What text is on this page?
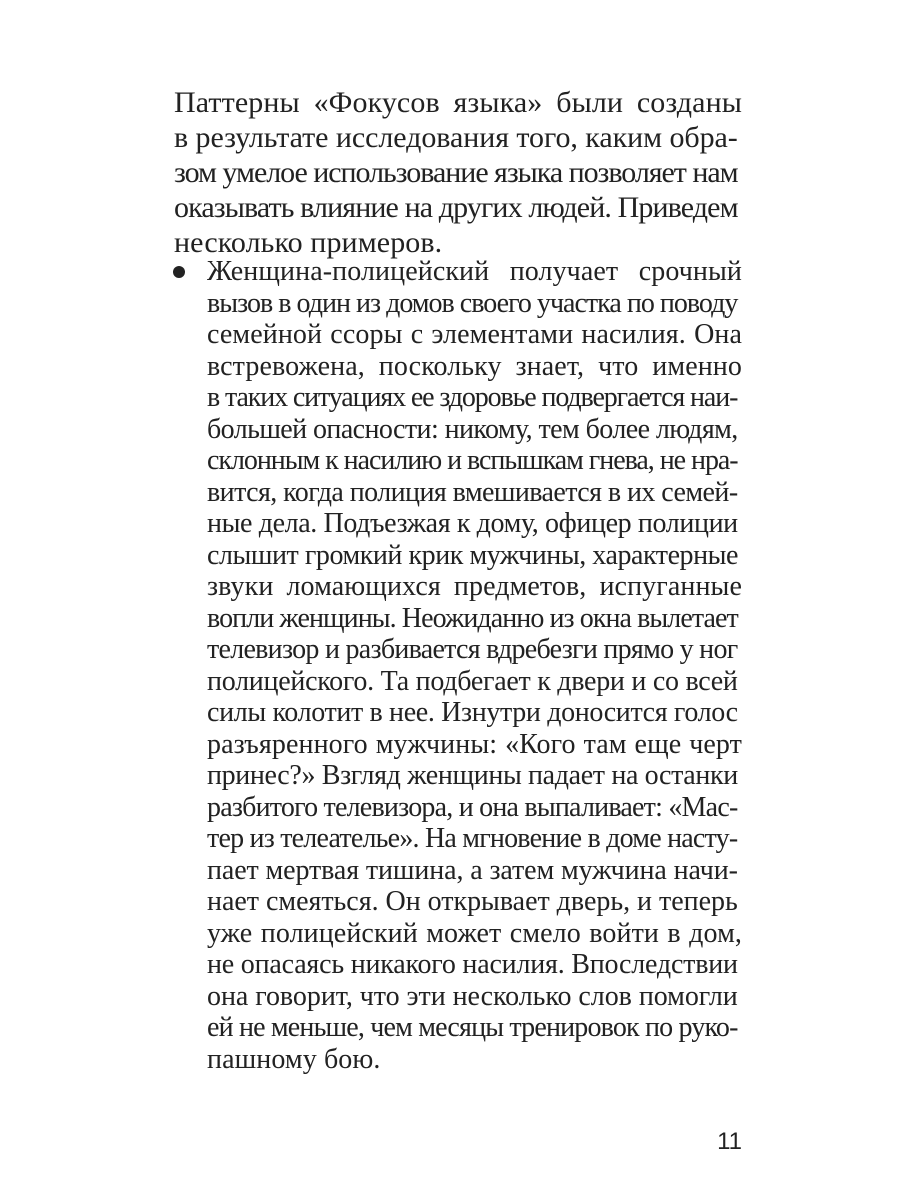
Паттерны «Фокусов языка» были созданы
в результате исследования того, каким обра-
зом умелое использование языка позволяет нам
оказывать влияние на других людей. Приведем
несколько примеров.
Женщина-полицейский получает срочный
вызов в один из домов своего участка по поводу
семейной ссоры с элементами насилия. Она
встревожена, поскольку знает, что именно
в таких ситуациях ее здоровье подвергается наи-
большей опасности: никому, тем более людям,
склонным к насилию и вспышкам гнева, не нра-
вится, когда полиция вмешивается в их семей-
ные дела. Подъезжая к дому, офицер полиции
слышит громкий крик мужчины, характерные
звуки ломающихся предметов, испуганные
вопли женщины. Неожиданно из окна вылетает
телевизор и разбивается вдребезги прямо у ног
полицейского. Та подбегает к двери и со всей
силы колотит в нее. Изнутри доносится голос
разъяренного мужчины: «Кого там еще черт
принес?» Взгляд женщины падает на останки
разбитого телевизора, и она выпаливает: «Мас-
тер из телеателье». На мгновение в доме насту-
пает мертвая тишина, а затем мужчина начи-
нает смеяться. Он открывает дверь, и теперь
уже полицейский может смело войти в дом,
не опасаясь никакого насилия. Впоследствии
она говорит, что эти несколько слов помогли
ей не меньше, чем месяцы тренировок по руко-
пашному бою.
11
